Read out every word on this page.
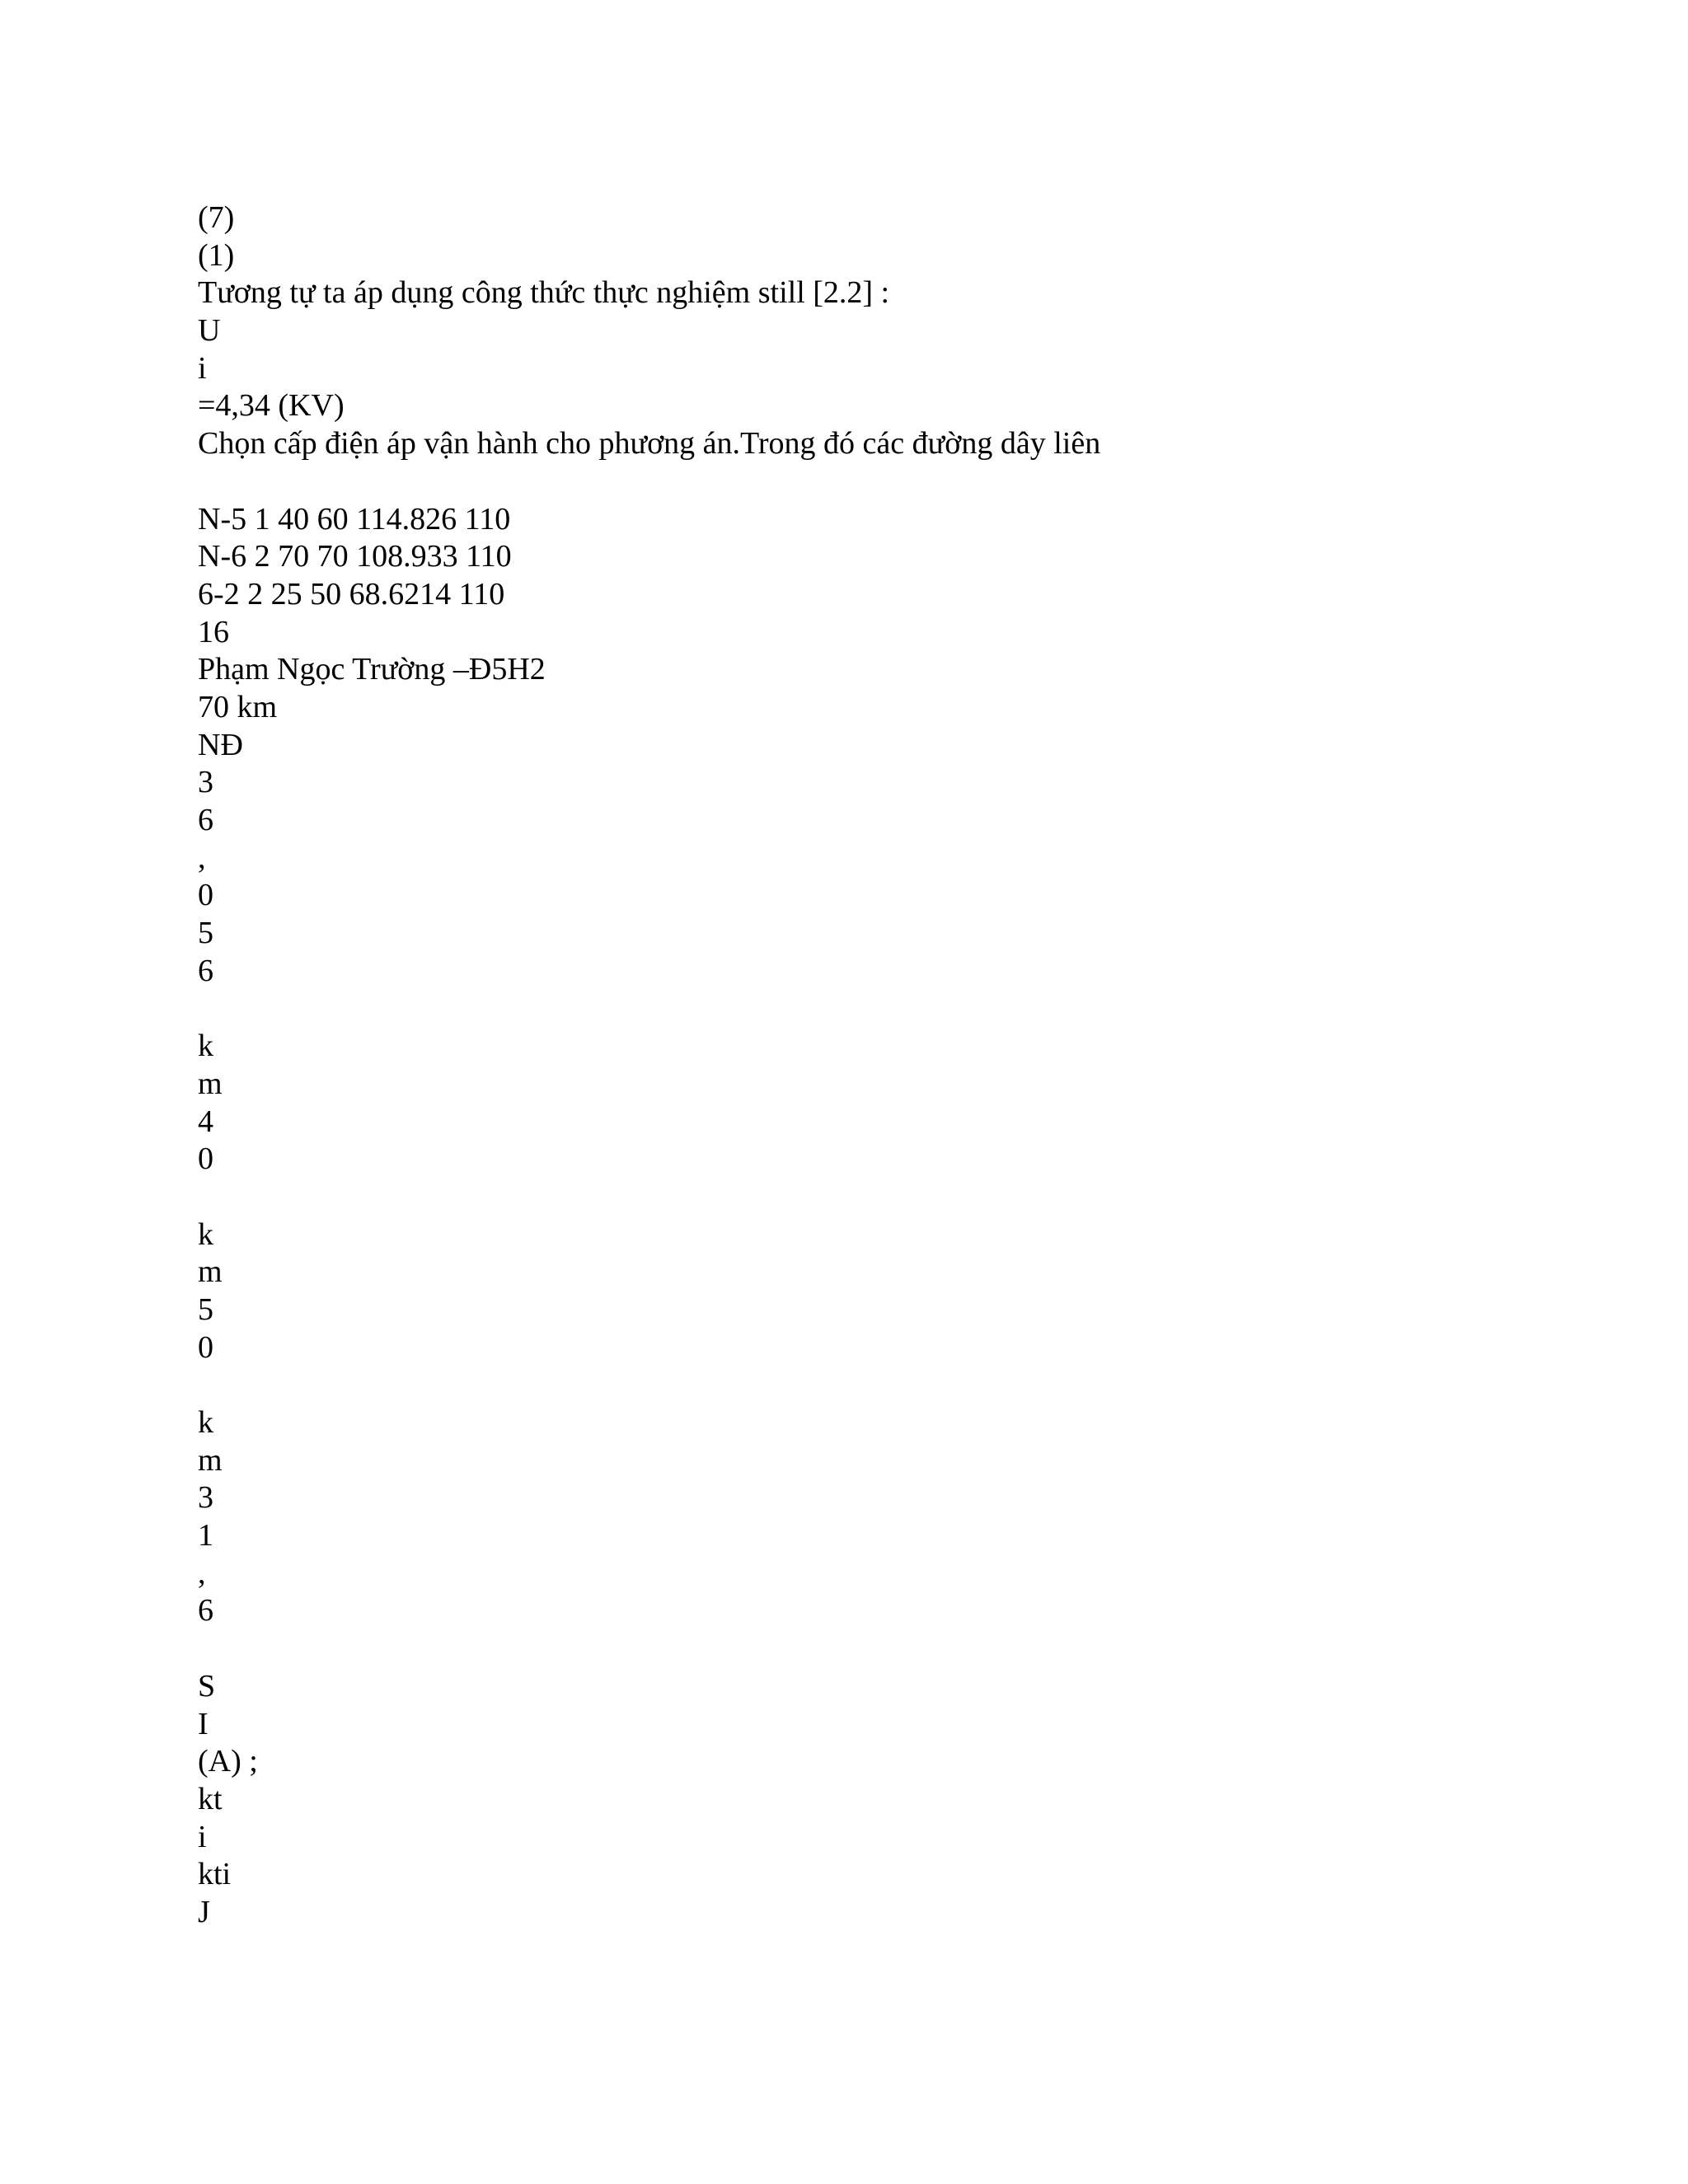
(7)
(1)
Tương tự ta áp dụng công thức thực nghiệm still [2.2] :
U
i
=4,34 (KV)
Chọn cấp điện áp vận hành cho phương án.Trong đó các đường dây liên
N-5 1 40 60 114.826 110
N-6 2 70 70 108.933 110
6-2 2 25 50 68.6214 110
16
Phạm Ngọc Trường –Đ5H2
70 km
NĐ
3
6
,
0
5
6
k
m
4
0
k
m
5
0
k
m
3
1
,
6
S
I
(A) ;
kt
i
kti
J
